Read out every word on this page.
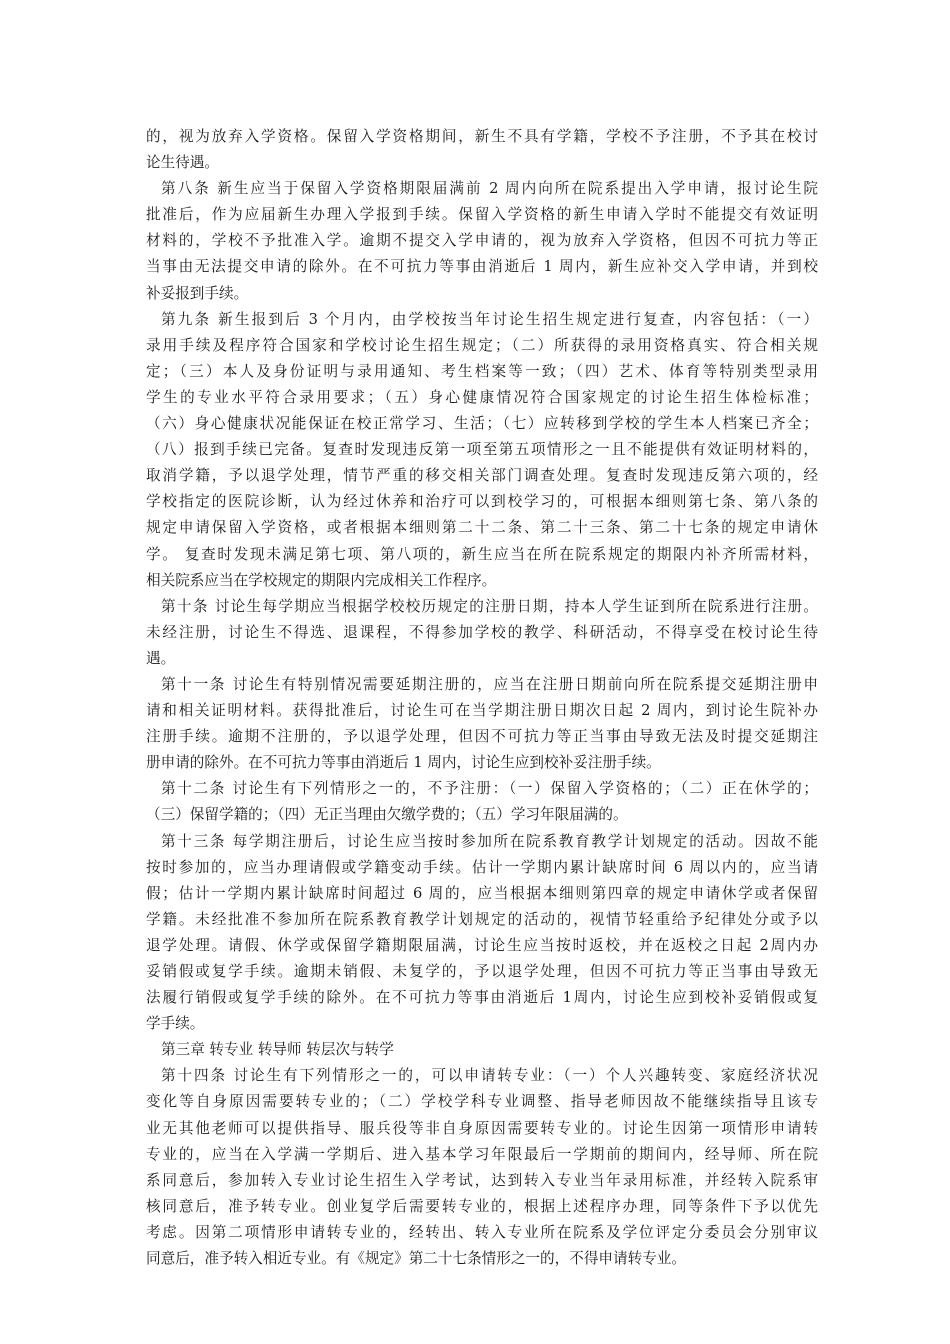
的，视为放弃入学资格。保留入学资格期间，新生不具有学籍，学校不予注册，不予其在校讨
论生待遇。
第八条 新生应当于保留入学资格期限届满前 2 周内向所在院系提出入学申请，报讨论生院
批准后，作为应届新生办理入学报到手续。保留入学资格的新生申请入学时不能提交有效证明
材料的，学校不予批准入学。逾期不提交入学申请的，视为放弃入学资格，但因不可抗力等正
当事由无法提交申请的除外。在不可抗力等事由消逝后 1 周内，新生应补交入学申请，并到校
补妥报到手续。
第九条 新生报到后 3 个月内，由学校按当年讨论生招生规定进行复查，内容包括：（一）
录用手续及程序符合国家和学校讨论生招生规定；（二）所获得的录用资格真实、符合相关规
定；（三）本人及身份证明与录用通知、考生档案等一致；（四）艺术、体育等特别类型录用
学生的专业水平符合录用要求；（五）身心健康情况符合国家规定的讨论生招生体检标准；
（六）身心健康状况能保证在校正常学习、生活；（七）应转移到学校的学生本人档案已齐全；
（八）报到手续已完备。复查时发现违反第一项至第五项情形之一且不能提供有效证明材料的，
取消学籍，予以退学处理，情节严重的移交相关部门调查处理。复查时发现违反第六项的，经
学校指定的医院诊断，认为经过休养和治疗可以到校学习的，可根据本细则第七条、第八条的
规定申请保留入学资格，或者根据本细则第二十二条、第二十三条、第二十七条的规定申请休
学。 复查时发现未满足第七项、第八项的，新生应当在所在院系规定的期限内补齐所需材料，
相关院系应当在学校规定的期限内完成相关工作程序。
第十条 讨论生每学期应当根据学校校历规定的注册日期，持本人学生证到所在院系进行注册。
未经注册，讨论生不得选、退课程，不得参加学校的教学、科研活动，不得享受在校讨论生待
遇。
第十一条 讨论生有特别情况需要延期注册的，应当在注册日期前向所在院系提交延期注册申
请和相关证明材料。获得批准后，讨论生可在当学期注册日期次日起 2 周内，到讨论生院补办
注册手续。逾期不注册的，予以退学处理，但因不可抗力等正当事由导致无法及时提交延期注
册申请的除外。在不可抗力等事由消逝后 1 周内，讨论生应到校补妥注册手续。
第十二条 讨论生有下列情形之一的，不予注册：（一）保留入学资格的；（二）正在休学的；
（三）保留学籍的；（四）无正当理由欠缴学费的；（五）学习年限届满的。
第十三条 每学期注册后，讨论生应当按时参加所在院系教育教学计划规定的活动。因故不能
按时参加的，应当办理请假或学籍变动手续。估计一学期内累计缺席时间 6 周以内的，应当请
假；估计一学期内累计缺席时间超过 6 周的，应当根据本细则第四章的规定申请休学或者保留
学籍。未经批准不参加所在院系教育教学计划规定的活动的，视情节轻重给予纪律处分或予以
退学处理。请假、休学或保留学籍期限届满，讨论生应当按时返校，并在返校之日起 2周内办
妥销假或复学手续。逾期未销假、未复学的，予以退学处理，但因不可抗力等正当事由导致无
法履行销假或复学手续的除外。在不可抗力等事由消逝后 1周内，讨论生应到校补妥销假或复
学手续。
第三章 转专业 转导师 转层次与转学
第十四条 讨论生有下列情形之一的，可以申请转专业：（一）个人兴趣转变、家庭经济状况
变化等自身原因需要转专业的；（二）学校学科专业调整、指导老师因故不能继续指导且该专
业无其他老师可以提供指导、服兵役等非自身原因需要转专业的。讨论生因第一项情形申请转
专业的，应当在入学满一学期后、进入基本学习年限最后一学期前的期间内，经导师、所在院
系同意后，参加转入专业讨论生招生入学考试，达到转入专业当年录用标准，并经转入院系审
核同意后，准予转专业。创业复学后需要转专业的，根据上述程序办理，同等条件下予以优先
考虑。因第二项情形申请转专业的，经转出、转入专业所在院系及学位评定分委员会分别审议
同意后，准予转入相近专业。有《规定》第二十七条情形之一的，不得申请转专业。
